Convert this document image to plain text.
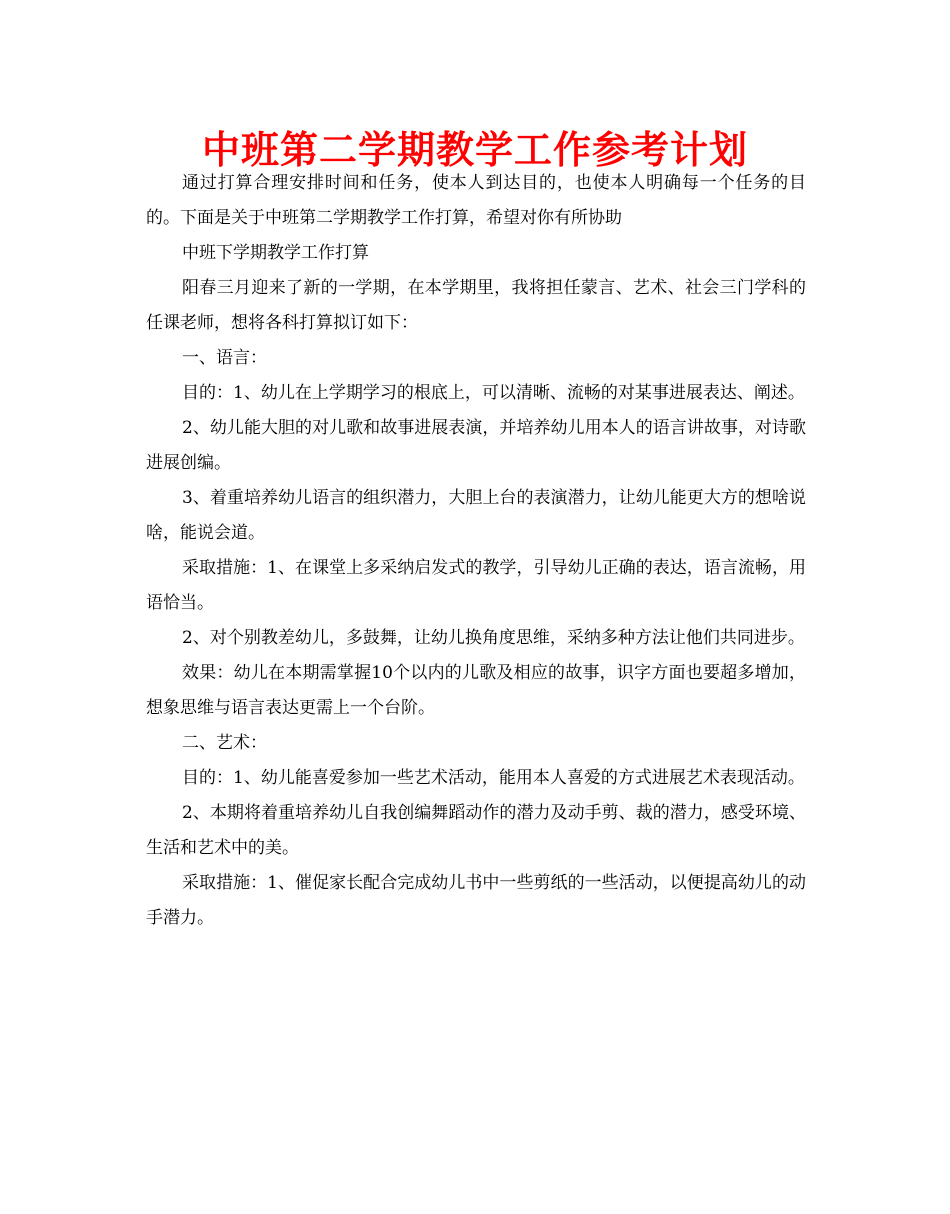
中班第二学期教学工作参考计划

通过打算合理安排时间和任务，使本人到达目的，也使本人明确每一个任务的目的。下面是关于中班第二学期教学工作打算，希望对你有所协助

中班下学期教学工作打算

阳春三月迎来了新的一学期，在本学期里，我将担任蒙言、艺术、社会三门学科的任课老师，想将各科打算拟订如下：

一、语言：

目的：1、幼儿在上学期学习的根底上，可以清晰、流畅的对某事进展表达、阐述。

2、幼儿能大胆的对儿歌和故事进展表演，并培养幼儿用本人的语言讲故事，对诗歌进展创编。

3、着重培养幼儿语言的组织潜力，大胆上台的表演潜力，让幼儿能更大方的想啥说啥，能说会道。

采取措施：1、在课堂上多采纳启发式的教学，引导幼儿正确的表达，语言流畅，用语恰当。

2、对个别教差幼儿，多鼓舞，让幼儿换角度思维，采纳多种方法让他们共同进步。

效果：幼儿在本期需掌握10个以内的儿歌及相应的故事，识字方面也要超多增加，想象思维与语言表达更需上一个台阶。

二、艺术：

目的：1、幼儿能喜爱参加一些艺术活动，能用本人喜爱的方式进展艺术表现活动。

2、本期将着重培养幼儿自我创编舞蹈动作的潜力及动手剪、裁的潜力，感受环境、生活和艺术中的美。

采取措施：1、催促家长配合完成幼儿书中一些剪纸的一些活动，以便提高幼儿的动手潜力。
